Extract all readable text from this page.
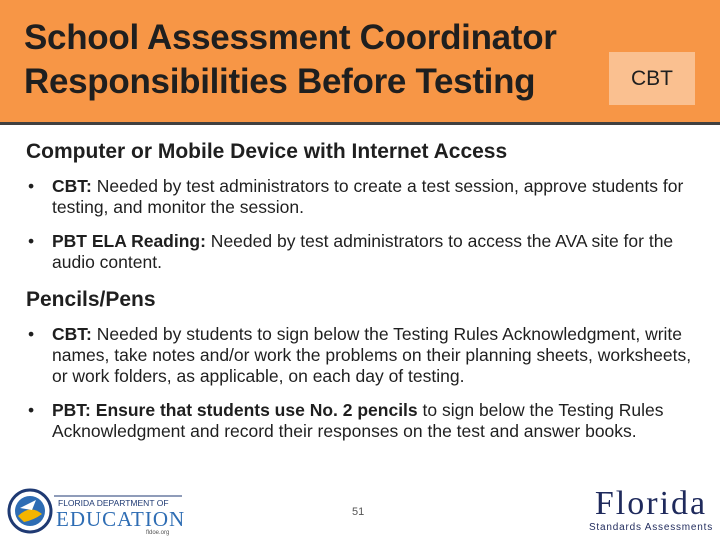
School Assessment Coordinator
Responsibilities Before Testing	CBT
Computer or Mobile Device with Internet Access
• CBT: Needed by test administrators to create a test session, approve students for testing, and monitor the session.
• PBT ELA Reading: Needed by test administrators to access the AVA site for the audio content.
Pencils/Pens
• CBT: Needed by students to sign below the Testing Rules Acknowledgment, write names, take notes and/or work the problems on their planning sheets, worksheets, or work folders, as applicable, on each day of testing.
• PBT: Ensure that students use No. 2 pencils to sign below the Testing Rules Acknowledgment and record their responses on the test and answer books.
FLORIDA DEPARTMENT OF
EDUCATION
fldoe.org
51	Florida
Standards Assessments
